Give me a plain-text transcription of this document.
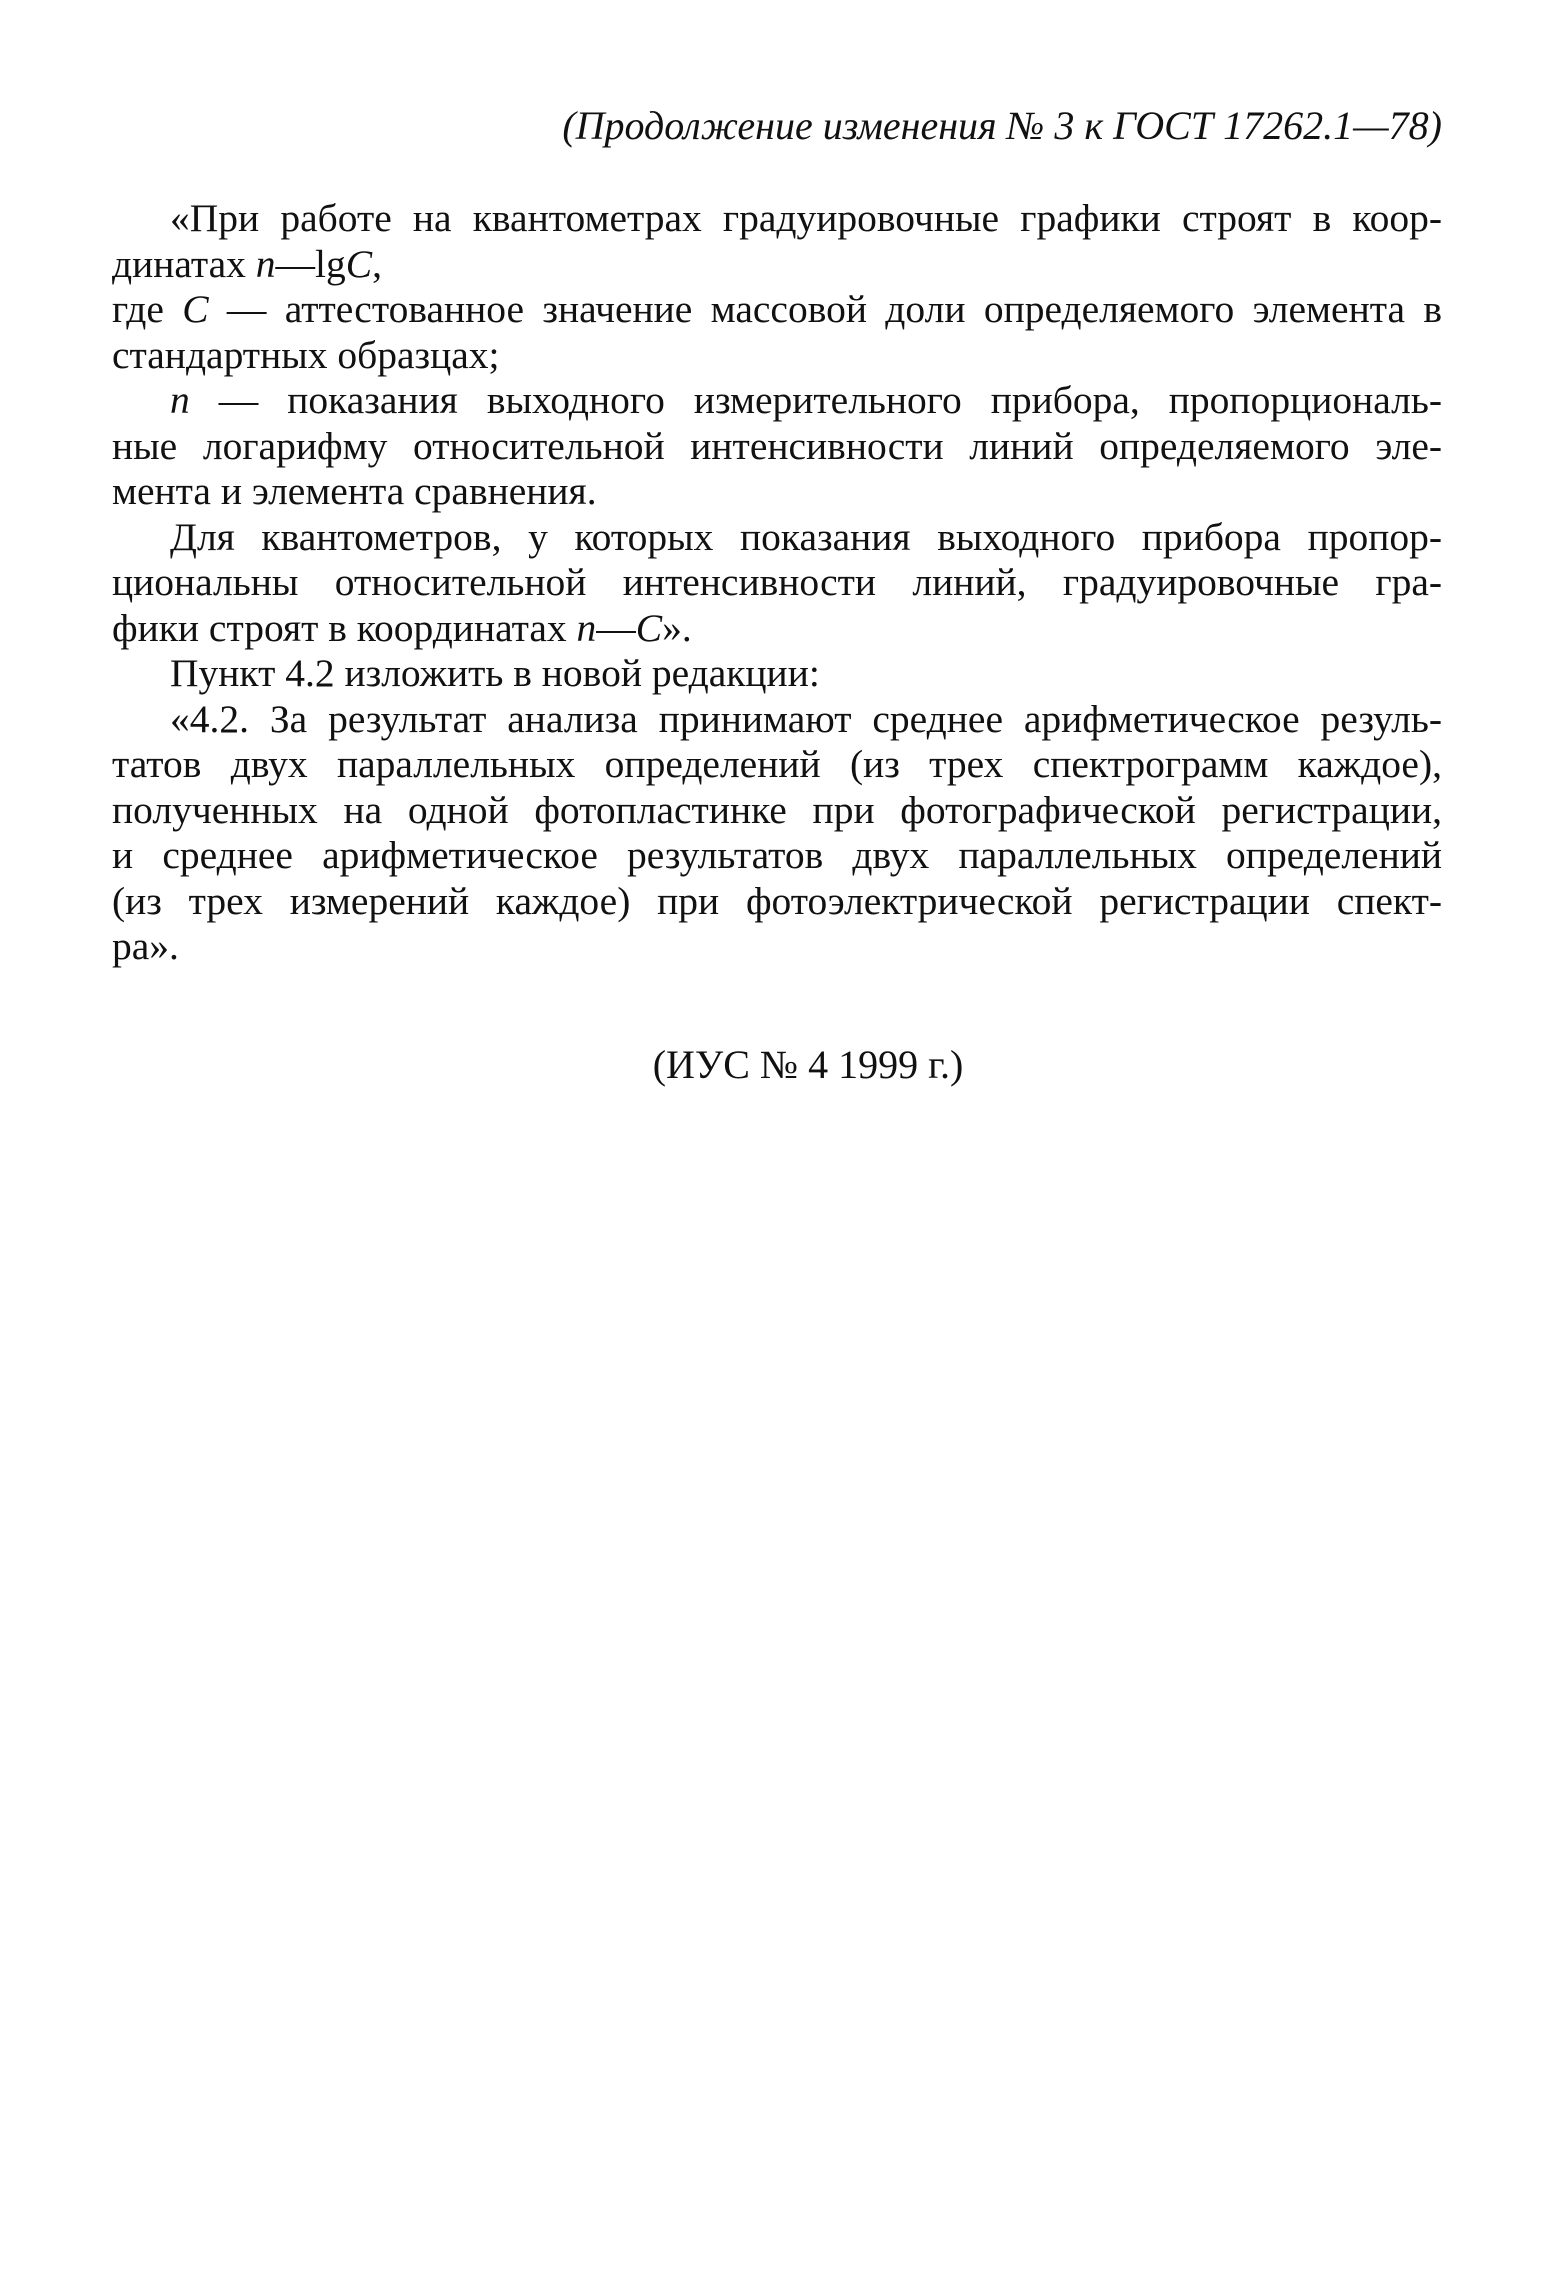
(Продолжение изменения № 3 к ГОСТ 17262.1—78)
«При работе на квантометрах градуировочные графики строят в коор-
динатах n—lgC,
где C — аттестованное значение массовой доли определяемого элемента в
стандартных образцах;
n — показания выходного измерительного прибора, пропорциональ-
ные логарифму относительной интенсивности линий определяемого эле-
мента и элемента сравнения.
Для квантометров, у которых показания выходного прибора пропор-
циональны относительной интенсивности линий, градуировочные гра-
фики строят в координатах n—C».
Пункт 4.2 изложить в новой редакции:
«4.2. За результат анализа принимают среднее арифметическое резуль-
татов двух параллельных определений (из трех спектрограмм каждое),
полученных на одной фотопластинке при фотографической регистрации,
и среднее арифметическое результатов двух параллельных определений
(из трех измерений каждое) при фотоэлектрической регистрации спект-
ра».
(ИУС № 4 1999 г.)
